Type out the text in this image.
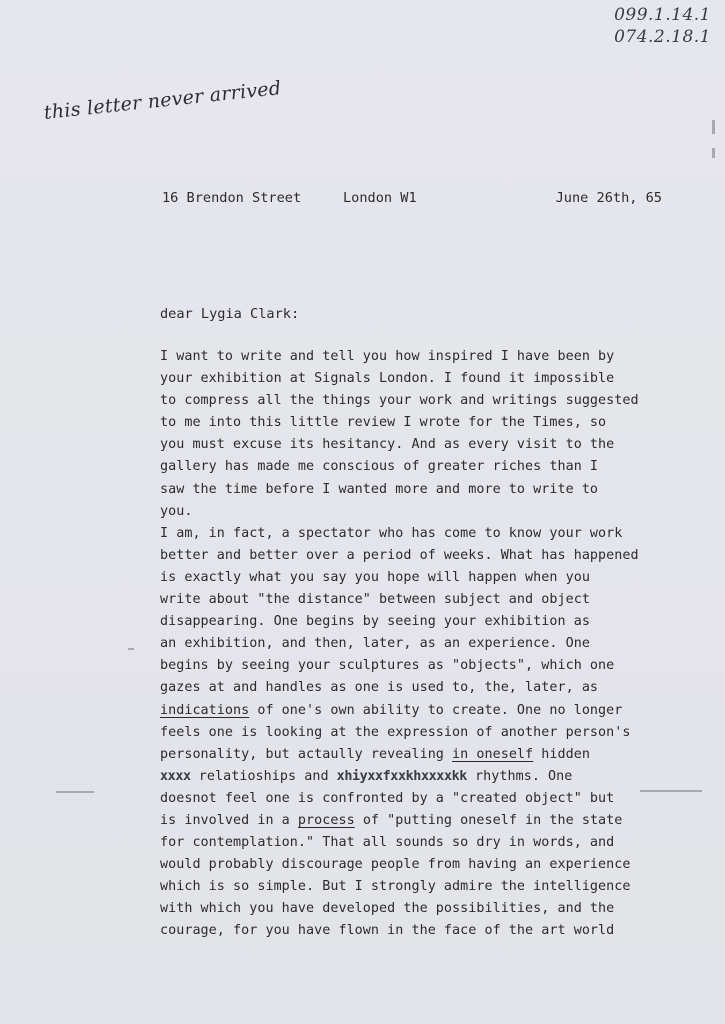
099.1.14.1
074.2.18.1
this letter never arrived
16 Brendon Street	London W1	June 26th, 65
dear Lygia Clark:
I want to write and tell you how inspired I have been by
your exhibition at Signals London. I found it impossible
to compress all the things your work and writings suggested
to me into this little review I wrote for the Times, so
you must excuse its hesitancy. And as every visit to the
gallery has made me conscious of greater riches than I
saw the time before I wanted more and more to write to
you.
I am, in fact, a spectator who has come to know your work
better and better over a period of weeks. What has happened
is exactly what you say you hope will happen when you
write about "the distance" between subject and object
disappearing. One begins by seeing your exhibition as
an exhibition, and then, later, as an experience. One
begins by seeing your sculptures as "objects", which one
gazes at and handles as one is used to, the, later, as
indications of one's own ability to create. One no longer
feels one is looking at the expression of another person's
personality, but actaully revealing in oneself hidden
xxxx relatioships and xhiyxxfxxkhxxxxkk rhythms. One
doesnot feel one is confronted by a "created object" but
is involved in a process of "putting oneself in the state
for contemplation." That all sounds so dry in words, and
would probably discourage people from having an experience
which is so simple. But I strongly admire the intelligence
with which you have developed the possibilities, and the
courage, for you have flown in the face of the art world
